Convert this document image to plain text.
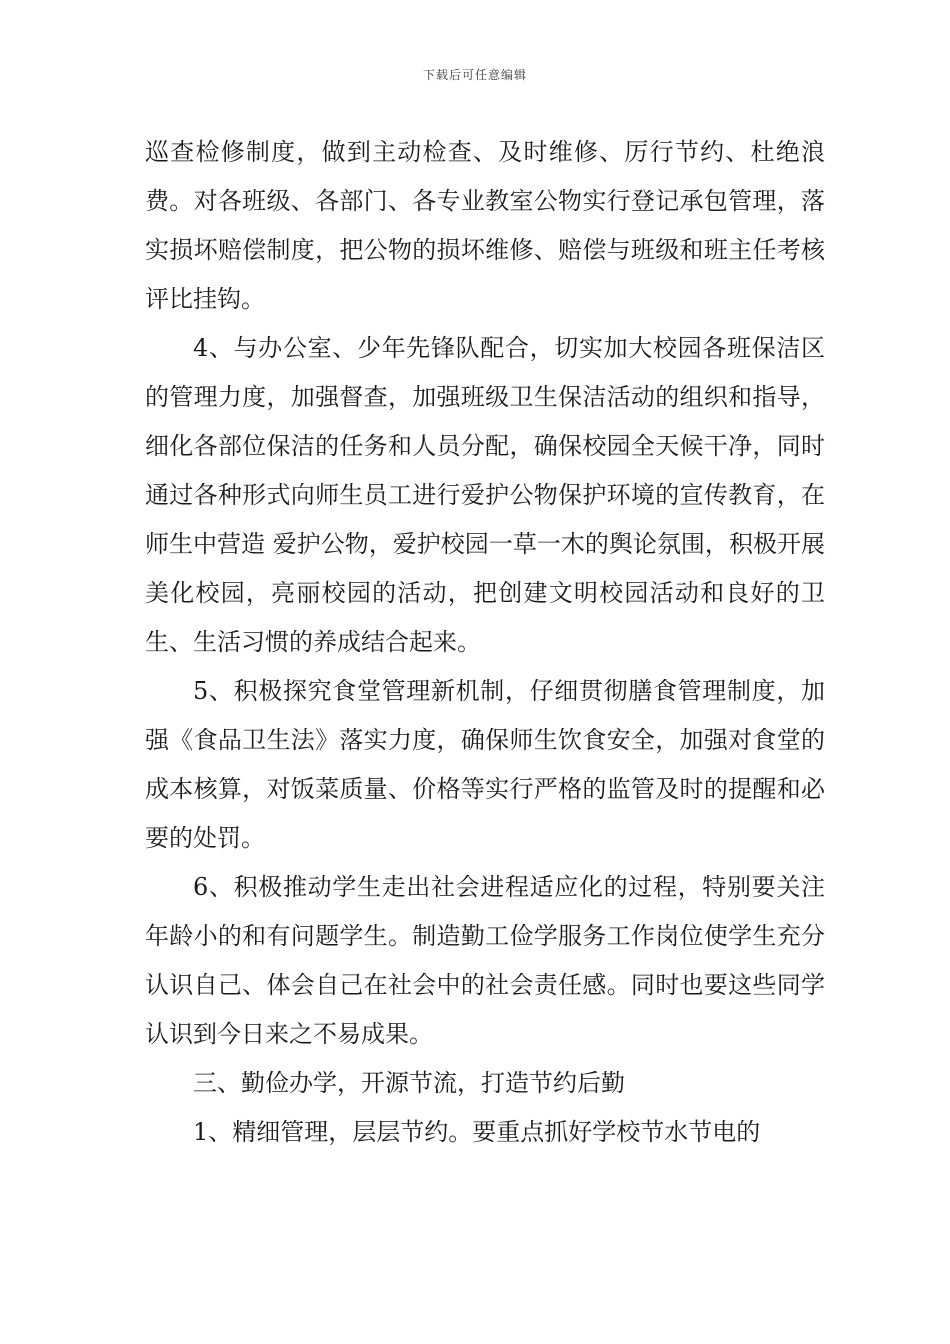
下载后可任意编辑

巡查检修制度，做到主动检查、及时维修、厉行节约、杜绝浪费。对各班级、各部门、各专业教室公物实行登记承包管理，落实损坏赔偿制度，把公物的损坏维修、赔偿与班级和班主任考核评比挂钩。

4、与办公室、少年先锋队配合，切实加大校园各班保洁区的管理力度，加强督查，加强班级卫生保洁活动的组织和指导，细化各部位保洁的任务和人员分配，确保校园全天候干净，同时通过各种形式向师生员工进行爱护公物保护环境的宣传教育，在师生中营造 爱护公物，爱护校园一草一木的舆论氛围，积极开展美化校园，亮丽校园的活动，把创建文明校园活动和良好的卫生、生活习惯的养成结合起来。

5、积极探究食堂管理新机制，仔细贯彻膳食管理制度，加强《食品卫生法》落实力度，确保师生饮食安全，加强对食堂的成本核算，对饭菜质量、价格等实行严格的监管及时的提醒和必要的处罚。

6、积极推动学生走出社会进程适应化的过程，特别要关注年龄小的和有问题学生。制造勤工俭学服务工作岗位使学生充分认识自己、体会自己在社会中的社会责任感。同时也要这些同学认识到今日来之不易成果。

三、勤俭办学，开源节流，打造节约后勤

1、精细管理，层层节约。要重点抓好学校节水节电的
